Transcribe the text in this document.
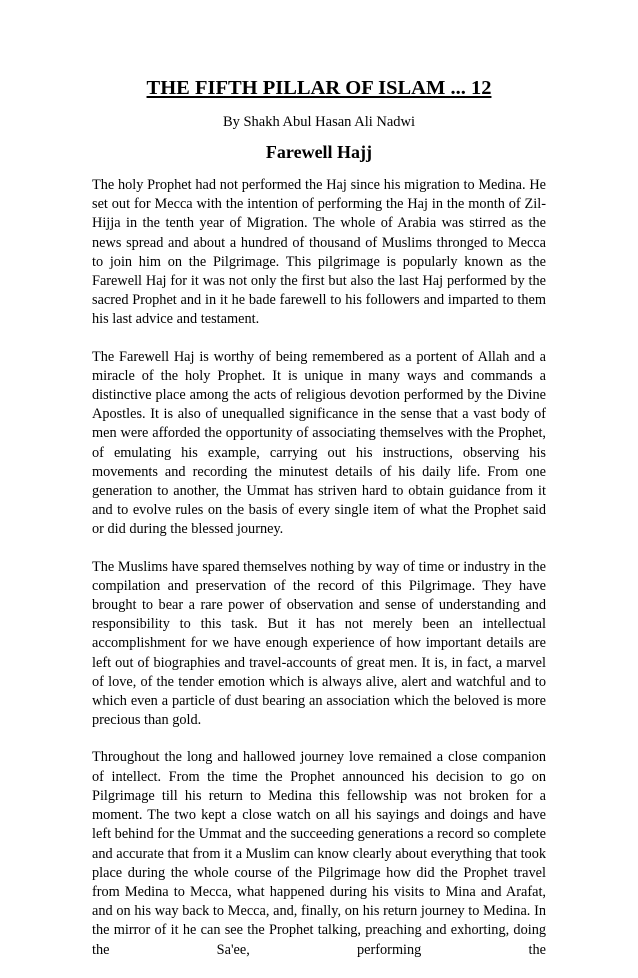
THE FIFTH PILLAR OF ISLAM ... 12
By Shakh Abul Hasan Ali Nadwi
Farewell Hajj

The holy Prophet had not performed the Haj since his migration to Medina. He set out for Mecca with the intention of performing the Haj in the month of Zil-Hijja in the tenth year of Migration. The whole of Arabia was stirred as the news spread and about a hundred of thousand of Muslims thronged to Mecca to join him on the Pilgrimage. This pilgrimage is popularly known as the Farewell Haj for it was not only the first but also the last Haj performed by the sacred Prophet and in it he bade farewell to his followers and imparted to them his last advice and testament.

The Farewell Haj is worthy of being remembered as a portent of Allah and a miracle of the holy Prophet. It is unique in many ways and commands a distinctive place among the acts of religious devotion performed by the Divine Apostles. It is also of unequalled significance in the sense that a vast body of men were afforded the opportunity of associating themselves with the Prophet, of emulating his example, carrying out his instructions, observing his movements and recording the minutest details of his daily life. From one generation to another, the Ummat has striven hard to obtain guidance from it and to evolve rules on the basis of every single item of what the Prophet said or did during the blessed journey.

The Muslims have spared themselves nothing by way of time or industry in the compilation and preservation of the record of this Pilgrimage. They have brought to bear a rare power of observation and sense of understanding and responsibility to this task. But it has not merely been an intellectual accomplishment for we have enough experience of how important details are left out of biographies and travel-accounts of great men. It is, in fact, a marvel of love, of the tender emotion which is always alive, alert and watchful and to which even a particle of dust bearing an association which the beloved is more precious than gold.

Throughout the long and hallowed journey love remained a close companion of intellect. From the time the Prophet announced his decision to go on Pilgrimage till his return to Medina this fellowship was not broken for a moment. The two kept a close watch on all his sayings and doings and have left behind for the Ummat and the succeeding generations a record so complete and accurate that from it a Muslim can know clearly about everything that took place during the whole course of the Pilgrimage how did the Prophet travel from Medina to Mecca, what happened during his visits to Mina and Arafat, and on his way back to Mecca, and, finally, on his return journey to Medina. In the mirror of it he can see the Prophet talking, preaching and exhorting, doing the Sa'ee, performing the
